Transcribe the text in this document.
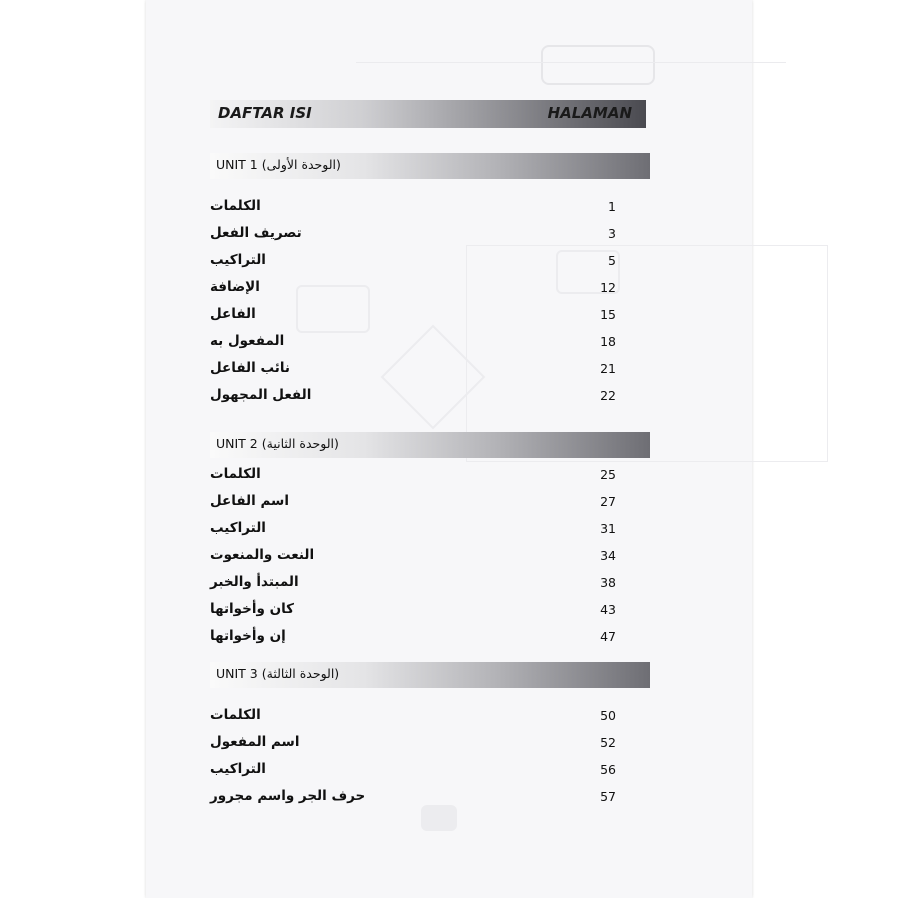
DAFTAR ISI	HALAMAN
UNIT 1 (الوحدة الأولى)
الكلمات	1
تصريف الفعل	3
التراكيب	5
الإضافة	12
الفاعل	15
المفعول به	18
نائب الفاعل	21
الفعل المجهول	22
UNIT 2 (الوحدة الثانية)
الكلمات	25
اسم الفاعل	27
التراكيب	31
النعت والمنعوت	34
المبتدأ والخبر	38
كان وأخواتها	43
إن وأخواتها	47
UNIT 3 (الوحدة الثالثة)
الكلمات	50
اسم المفعول	52
التراكيب	56
حرف الجر واسم مجرور	57
